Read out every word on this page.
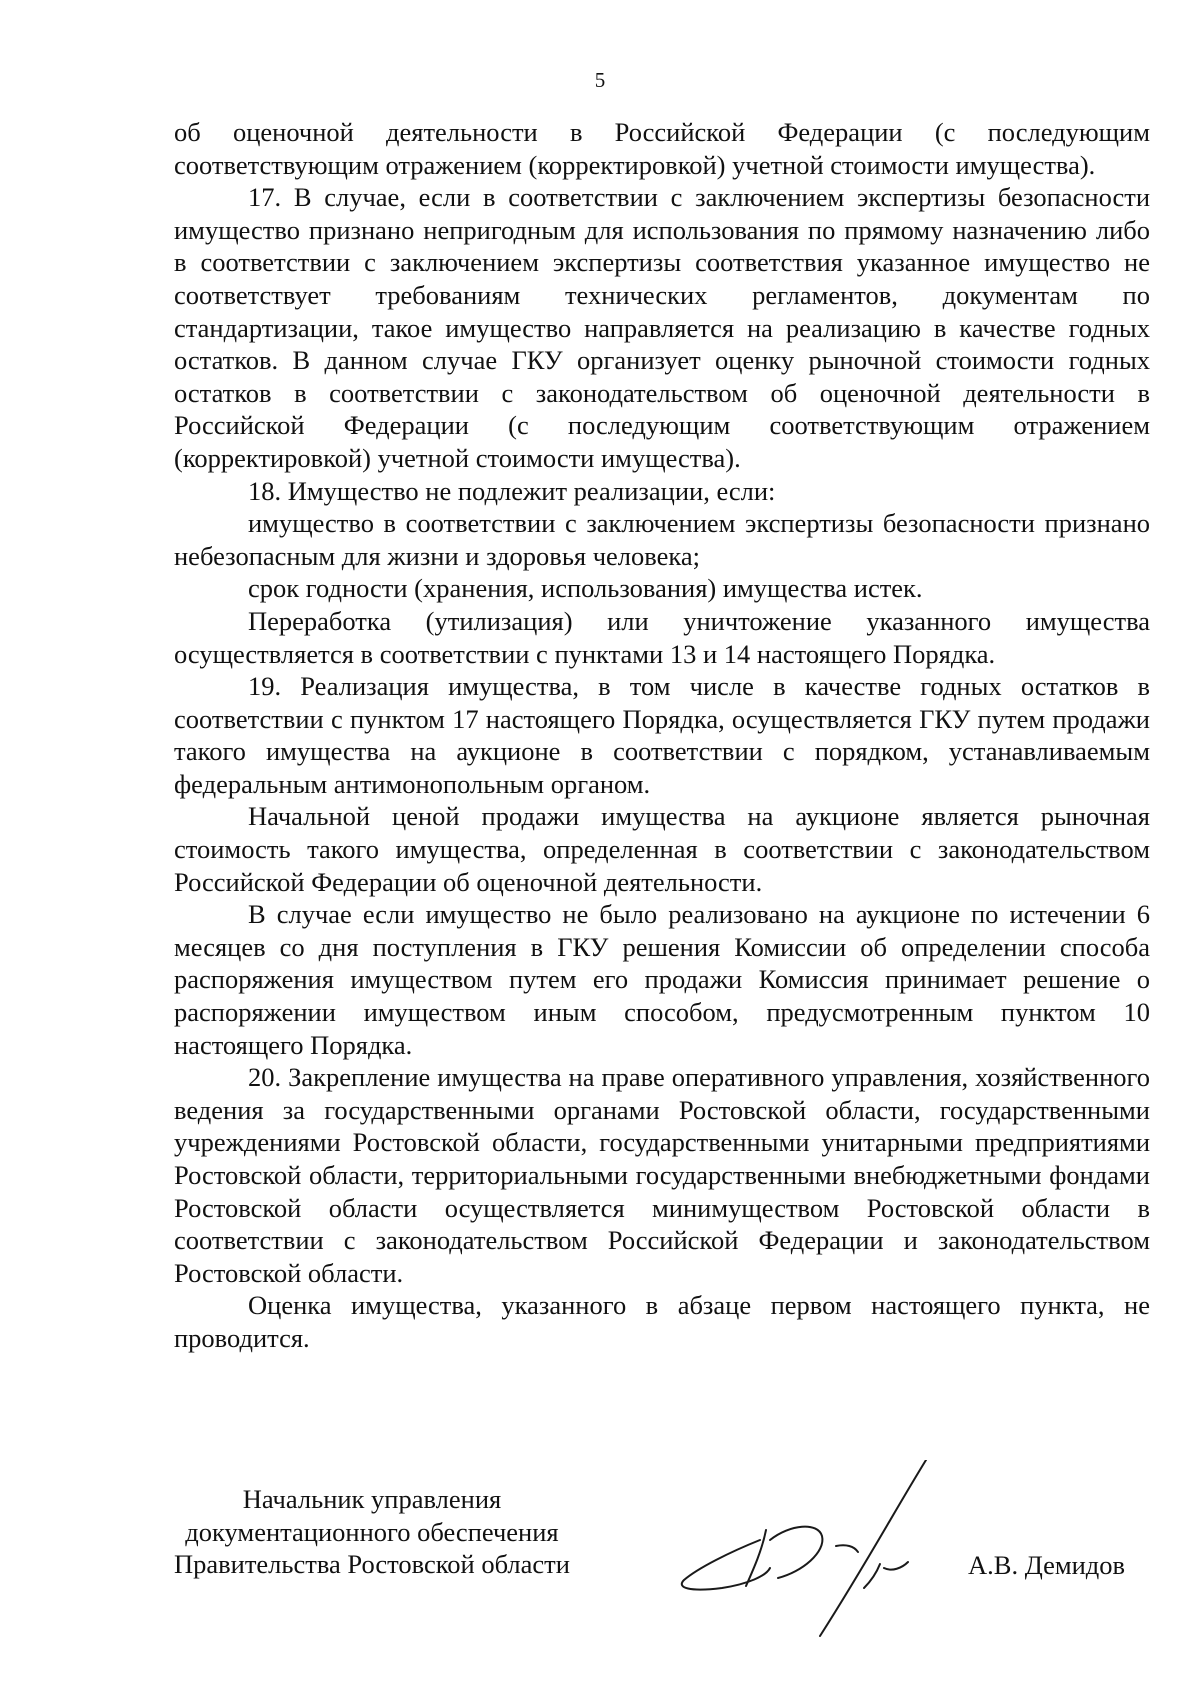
5

об оценочной деятельности в Российской Федерации (с последующим соответствующим отражением (корректировкой) учетной стоимости имущества).

17. В случае, если в соответствии с заключением экспертизы безопасности имущество признано непригодным для использования по прямому назначению либо в соответствии с заключением экспертизы соответствия указанное имущество не соответствует требованиям технических регламентов, документам по стандартизации, такое имущество направляется на реализацию в качестве годных остатков. В данном случае ГКУ организует оценку рыночной стоимости годных остатков в соответствии с законодательством об оценочной деятельности в Российской Федерации (с последующим соответствующим отражением (корректировкой) учетной стоимости имущества).

18. Имущество не подлежит реализации, если:

имущество в соответствии с заключением экспертизы безопасности признано небезопасным для жизни и здоровья человека;

срок годности (хранения, использования) имущества истек.

Переработка (утилизация) или уничтожение указанного имущества осуществляется в соответствии с пунктами 13 и 14 настоящего Порядка.

19. Реализация имущества, в том числе в качестве годных остатков в соответствии с пунктом 17 настоящего Порядка, осуществляется ГКУ путем продажи такого имущества на аукционе в соответствии с порядком, устанавливаемым федеральным антимонопольным органом.

Начальной ценой продажи имущества на аукционе является рыночная стоимость такого имущества, определенная в соответствии с законодательством Российской Федерации об оценочной деятельности.

В случае если имущество не было реализовано на аукционе по истечении 6 месяцев со дня поступления в ГКУ решения Комиссии об определении способа распоряжения имуществом путем его продажи Комиссия принимает решение о распоряжении имуществом иным способом, предусмотренным пунктом 10 настоящего Порядка.

20. Закрепление имущества на праве оперативного управления, хозяйственного ведения за государственными органами Ростовской области, государственными учреждениями Ростовской области, государственными унитарными предприятиями Ростовской области, территориальными государственными внебюджетными фондами Ростовской области осуществляется минимуществом Ростовской области в соответствии с законодательством Российской Федерации и законодательством Ростовской области.

Оценка имущества, указанного в абзаце первом настоящего пункта, не проводится.

Начальник управления
документационного обеспечения
Правительства Ростовской области	А.В. Демидов
